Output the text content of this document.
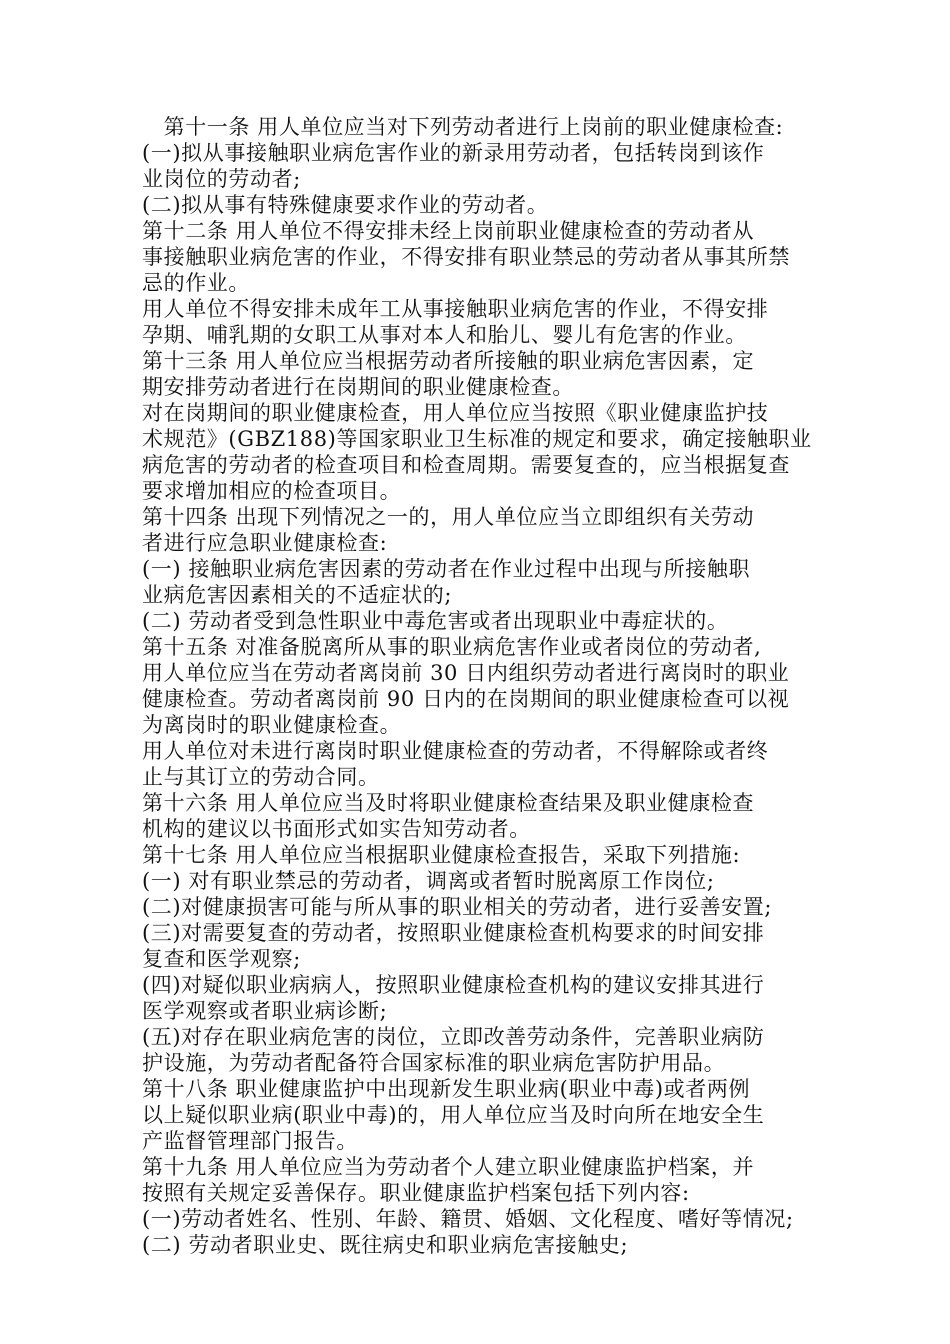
　第十一条 用人单位应当对下列劳动者进行上岗前的职业健康检查:
(一)拟从事接触职业病危害作业的新录用劳动者，包括转岗到该作
业岗位的劳动者;
(二)拟从事有特殊健康要求作业的劳动者。
第十二条 用人单位不得安排未经上岗前职业健康检查的劳动者从
事接触职业病危害的作业，不得安排有职业禁忌的劳动者从事其所禁
忌的作业。
用人单位不得安排未成年工从事接触职业病危害的作业，不得安排
孕期、哺乳期的女职工从事对本人和胎儿、婴儿有危害的作业。
第十三条 用人单位应当根据劳动者所接触的职业病危害因素，定
期安排劳动者进行在岗期间的职业健康检查。
对在岗期间的职业健康检查，用人单位应当按照《职业健康监护技
术规范》(GBZ188)等国家职业卫生标准的规定和要求，确定接触职业
病危害的劳动者的检查项目和检查周期。需要复查的，应当根据复查
要求增加相应的检查项目。
第十四条 出现下列情况之一的，用人单位应当立即组织有关劳动
者进行应急职业健康检查:
(一) 接触职业病危害因素的劳动者在作业过程中出现与所接触职
业病危害因素相关的不适症状的;
(二) 劳动者受到急性职业中毒危害或者出现职业中毒症状的。
第十五条 对准备脱离所从事的职业病危害作业或者岗位的劳动者,
用人单位应当在劳动者离岗前 30 日内组织劳动者进行离岗时的职业
健康检查。劳动者离岗前 90 日内的在岗期间的职业健康检查可以视
为离岗时的职业健康检查。
用人单位对未进行离岗时职业健康检查的劳动者，不得解除或者终
止与其订立的劳动合同。
第十六条 用人单位应当及时将职业健康检查结果及职业健康检查
机构的建议以书面形式如实告知劳动者。
第十七条 用人单位应当根据职业健康检查报告，采取下列措施:
(一) 对有职业禁忌的劳动者，调离或者暂时脱离原工作岗位;
(二)对健康损害可能与所从事的职业相关的劳动者，进行妥善安置;
(三)对需要复查的劳动者，按照职业健康检查机构要求的时间安排
复查和医学观察;
(四)对疑似职业病病人，按照职业健康检查机构的建议安排其进行
医学观察或者职业病诊断;
(五)对存在职业病危害的岗位，立即改善劳动条件，完善职业病防
护设施，为劳动者配备符合国家标准的职业病危害防护用品。
第十八条 职业健康监护中出现新发生职业病(职业中毒)或者两例
以上疑似职业病(职业中毒)的，用人单位应当及时向所在地安全生
产监督管理部门报告。
第十九条 用人单位应当为劳动者个人建立职业健康监护档案，并
按照有关规定妥善保存。职业健康监护档案包括下列内容:
(一)劳动者姓名、性别、年龄、籍贯、婚姻、文化程度、嗜好等情况;
(二) 劳动者职业史、既往病史和职业病危害接触史;
